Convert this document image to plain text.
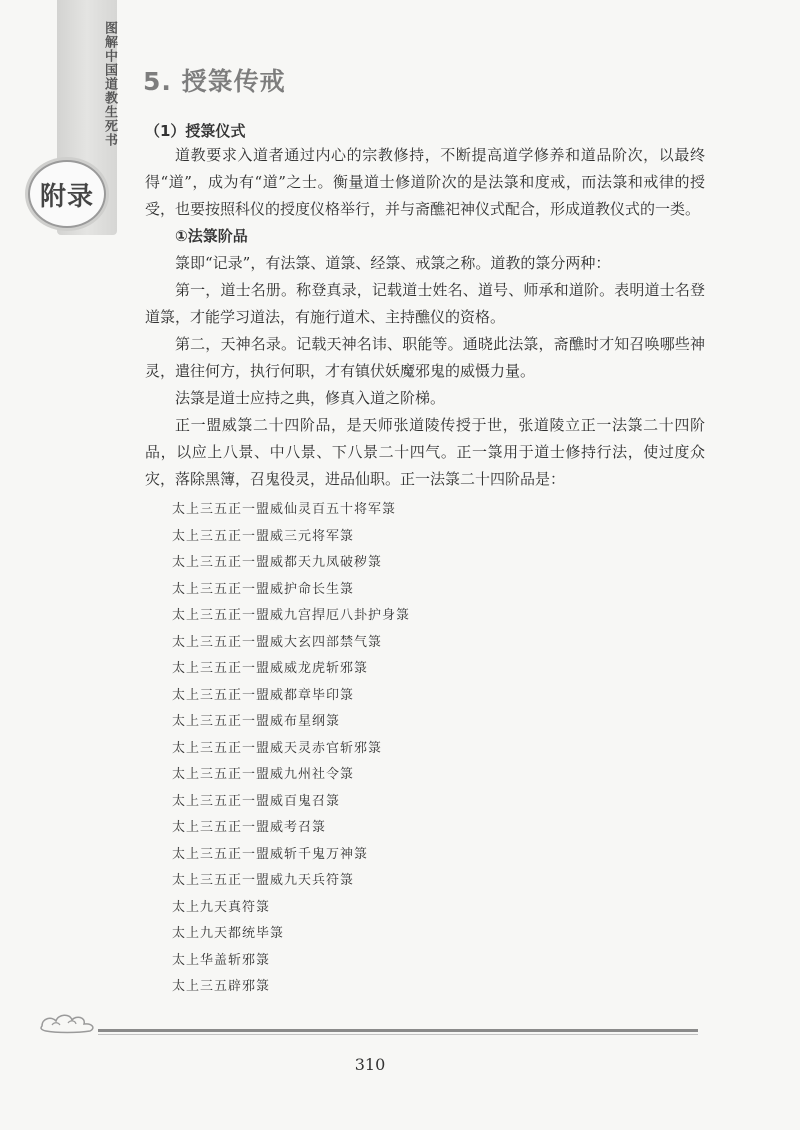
图解中国道教生死书
附录
5. 授箓传戒
（1）授箓仪式

道教要求入道者通过内心的宗教修持，不断提高道学修养和道品阶次，以最终得“道”，成为有“道”之士。衡量道士修道阶次的是法箓和度戒，而法箓和戒律的授受，也要按照科仪的授度仪格举行，并与斋醮祀神仪式配合，形成道教仪式的一类。

①法箓阶品

箓即“记录”，有法箓、道箓、经箓、戒箓之称。道教的箓分两种：

第一，道士名册。称登真录，记载道士姓名、道号、师承和道阶。表明道士名登道箓，才能学习道法，有施行道术、主持醮仪的资格。

第二，天神名录。记载天神名讳、职能等。通晓此法箓，斋醮时才知召唤哪些神灵，遣往何方，执行何职，才有镇伏妖魔邪鬼的威慑力量。

法箓是道士应持之典，修真入道之阶梯。

正一盟威箓二十四阶品，是天师张道陵传授于世，张道陵立正一法箓二十四阶品，以应上八景、中八景、下八景二十四气。正一箓用于道士修持行法，使过度众灾，落除黑簿，召鬼役灵，进品仙职。正一法箓二十四阶品是：

太上三五正一盟威仙灵百五十将军箓
太上三五正一盟威三元将军箓
太上三五正一盟威都天九凤破秽箓
太上三五正一盟威护命长生箓
太上三五正一盟威九宫捍厄八卦护身箓
太上三五正一盟威大玄四部禁气箓
太上三五正一盟威威龙虎斩邪箓
太上三五正一盟威都章毕印箓
太上三五正一盟威布星纲箓
太上三五正一盟威天灵赤官斩邪箓
太上三五正一盟威九州社令箓
太上三五正一盟威百鬼召箓
太上三五正一盟威考召箓
太上三五正一盟威斩千鬼万神箓
太上三五正一盟威九天兵符箓
太上九天真符箓
太上九天都统毕箓
太上华盖斩邪箓
太上三五辟邪箓
310
